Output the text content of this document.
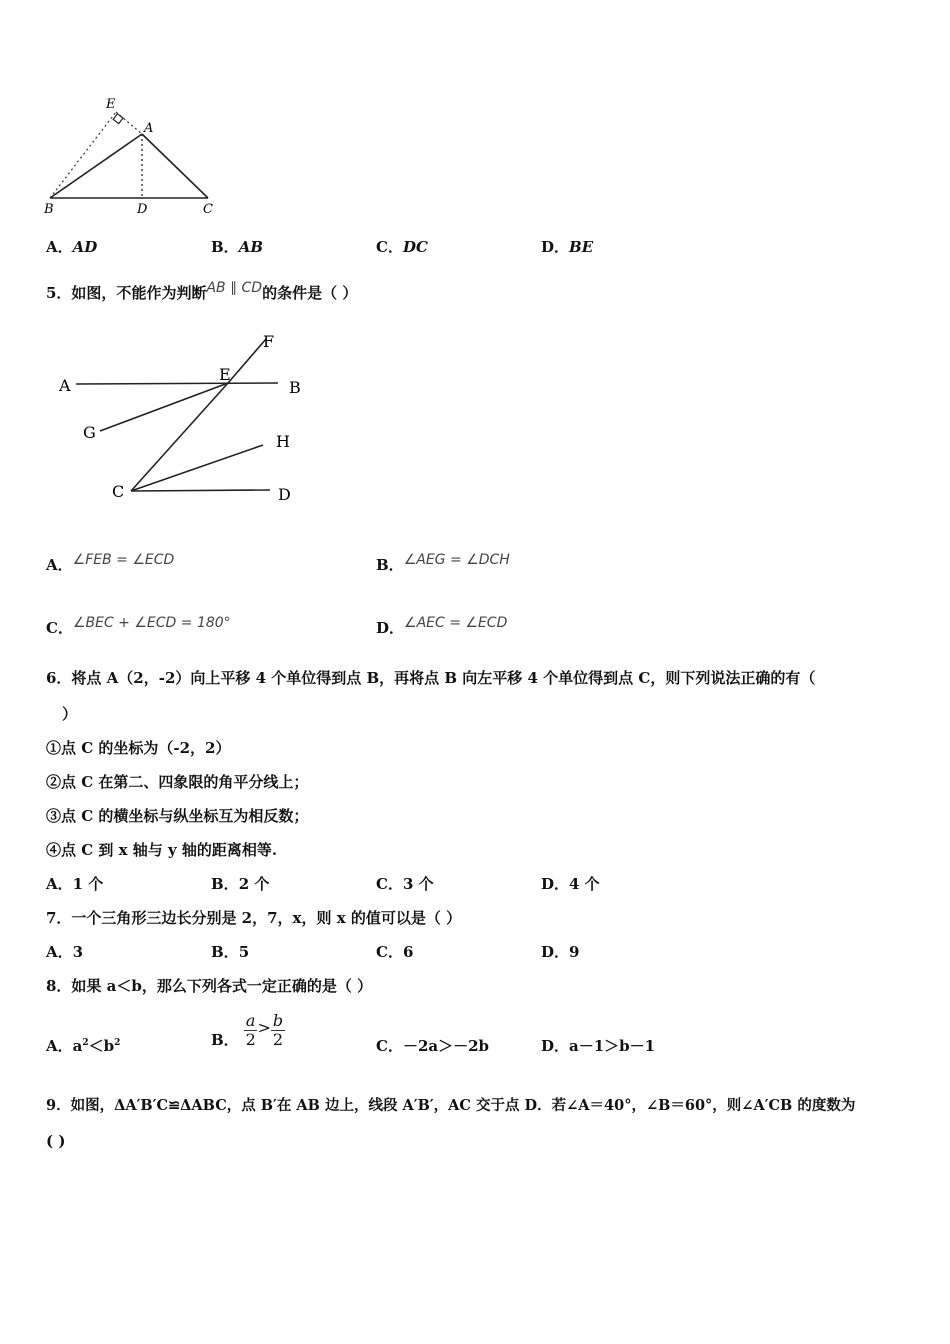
E
A
B	D	C
A．AD	B．AB	C．DC	D．BE
5．如图，不能作为判断AB ∥ CD的条件是（ ）
A
E
B
F
G	H
C	D
A．∠FEB = ∠ECD	B．∠AEG = ∠DCH
C．∠BEC + ∠ECD = 180°	D．∠AEC = ∠ECD
6．将点 A（2，-2）向上平移 4 个单位得到点 B，再将点 B 向左平移 4 个单位得到点 C，则下列说法正确的有（
）
①点 C 的坐标为（-2，2）
②点 C 在第二、四象限的角平分线上；
③点 C 的横坐标与纵坐标互为相反数；
④点 C 到 x 轴与 y 轴的距离相等.
A．1 个	B．2 个	C．3 个	D．4 个
7．一个三角形三边长分别是 2，7，x，则 x 的值可以是（ ）
A．3	B．5	C．6	D．9
8．如果 a＜b，那么下列各式一定正确的是（ ）
A．$a^2<b^2$	B． $\frac{a}{2} > \frac{b}{2}$	C．－2a＞－2b	D．a－1＞b－1
9．如图，ΔA′B′C≌ΔABC，点 B′在 AB 边上，线段 A′B′，AC 交于点 D．若∠A＝40°，∠B＝60°，则∠A′CB 的度数为
( )
